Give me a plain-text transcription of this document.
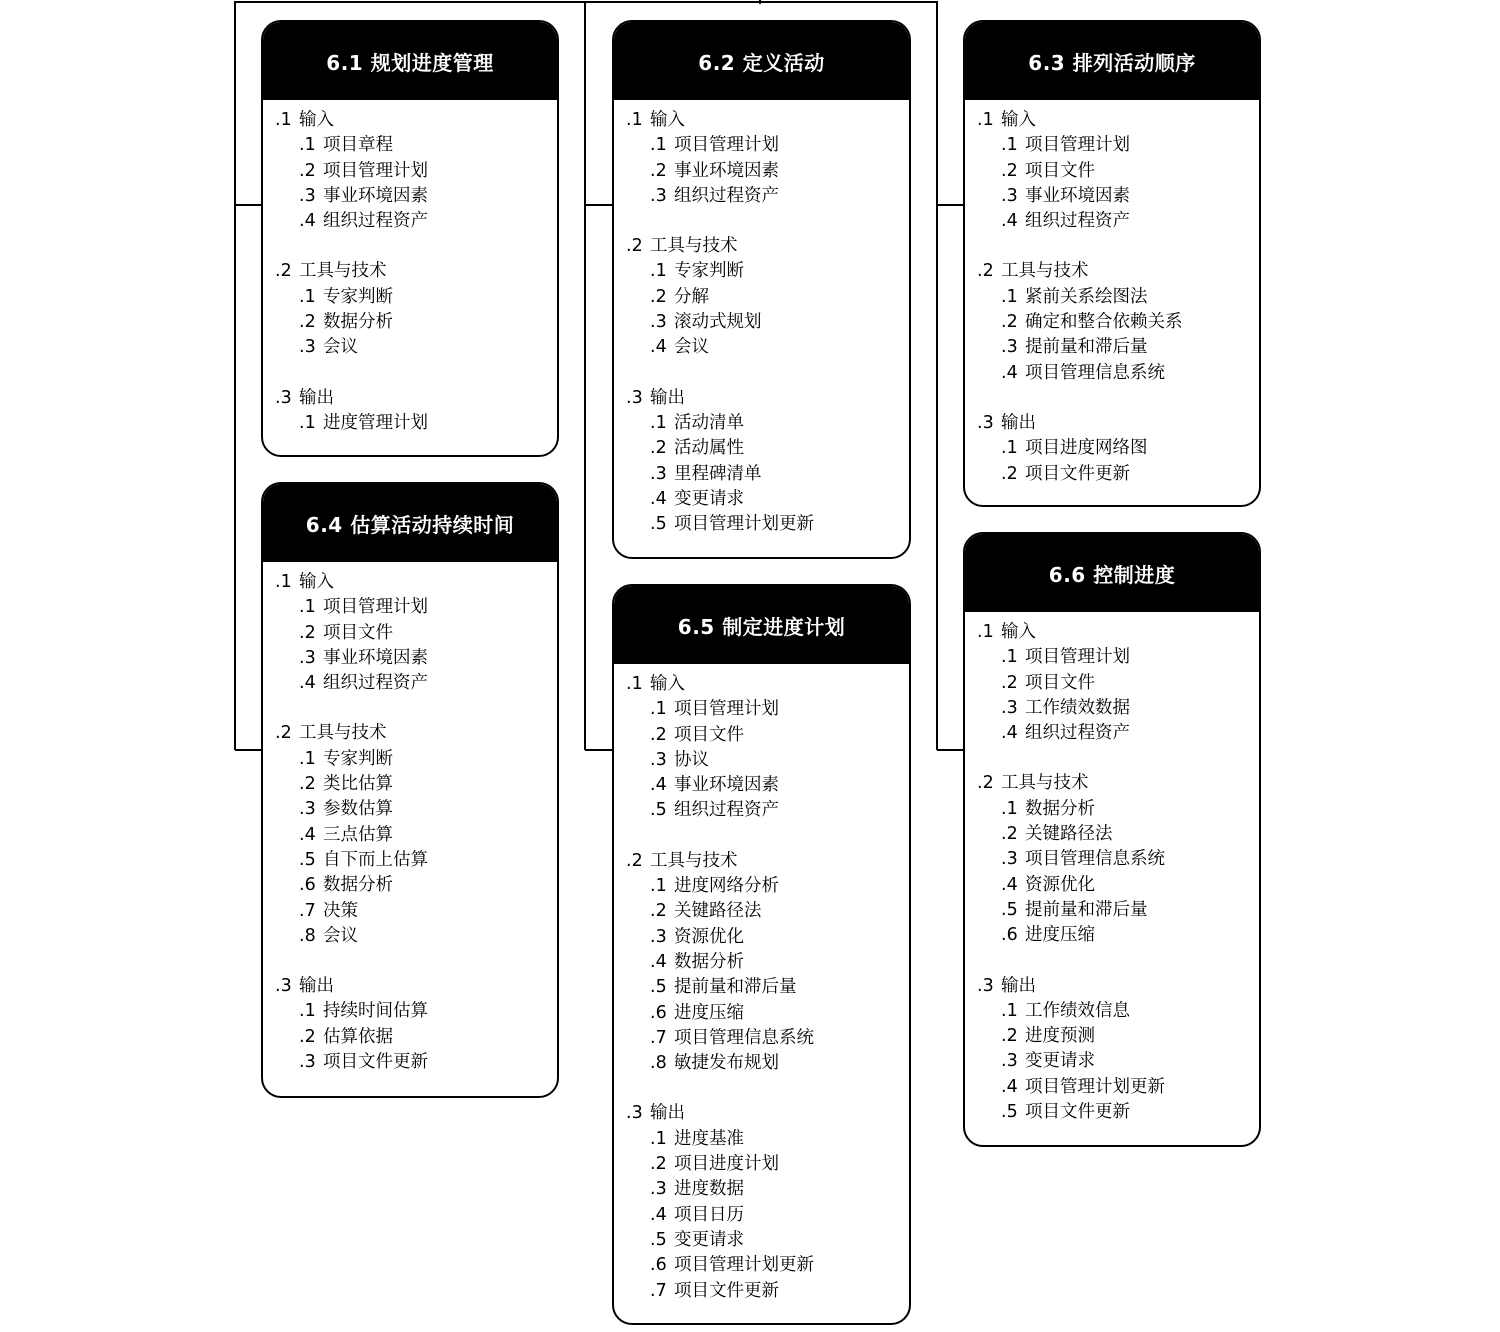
6.1 规划进度管理
.1 输入
.1 项目章程
.2 项目管理计划
.3 事业环境因素
.4 组织过程资产
.2 工具与技术
.1 专家判断
.2 数据分析
.3 会议
.3 输出
.1 进度管理计划
6.2 定义活动
.1 输入
.1 项目管理计划
.2 事业环境因素
.3 组织过程资产
.2 工具与技术
.1 专家判断
.2 分解
.3 滚动式规划
.4 会议
.3 输出
.1 活动清单
.2 活动属性
.3 里程碑清单
.4 变更请求
.5 项目管理计划更新
6.3 排列活动顺序
.1 输入
.1 项目管理计划
.2 项目文件
.3 事业环境因素
.4 组织过程资产
.2 工具与技术
.1 紧前关系绘图法
.2 确定和整合依赖关系
.3 提前量和滞后量
.4 项目管理信息系统
.3 输出
.1 项目进度网络图
.2 项目文件更新
6.4 估算活动持续时间
.1 输入
.1 项目管理计划
.2 项目文件
.3 事业环境因素
.4 组织过程资产
.2 工具与技术
.1 专家判断
.2 类比估算
.3 参数估算
.4 三点估算
.5 自下而上估算
.6 数据分析
.7 决策
.8 会议
.3 输出
.1 持续时间估算
.2 估算依据
.3 项目文件更新
6.5 制定进度计划
.1 输入
.1 项目管理计划
.2 项目文件
.3 协议
.4 事业环境因素
.5 组织过程资产
.2 工具与技术
.1 进度网络分析
.2 关键路径法
.3 资源优化
.4 数据分析
.5 提前量和滞后量
.6 进度压缩
.7 项目管理信息系统
.8 敏捷发布规划
.3 输出
.1 进度基准
.2 项目进度计划
.3 进度数据
.4 项目日历
.5 变更请求
.6 项目管理计划更新
.7 项目文件更新
6.6 控制进度
.1 输入
.1 项目管理计划
.2 项目文件
.3 工作绩效数据
.4 组织过程资产
.2 工具与技术
.1 数据分析
.2 关键路径法
.3 项目管理信息系统
.4 资源优化
.5 提前量和滞后量
.6 进度压缩
.3 输出
.1 工作绩效信息
.2 进度预测
.3 变更请求
.4 项目管理计划更新
.5 项目文件更新
